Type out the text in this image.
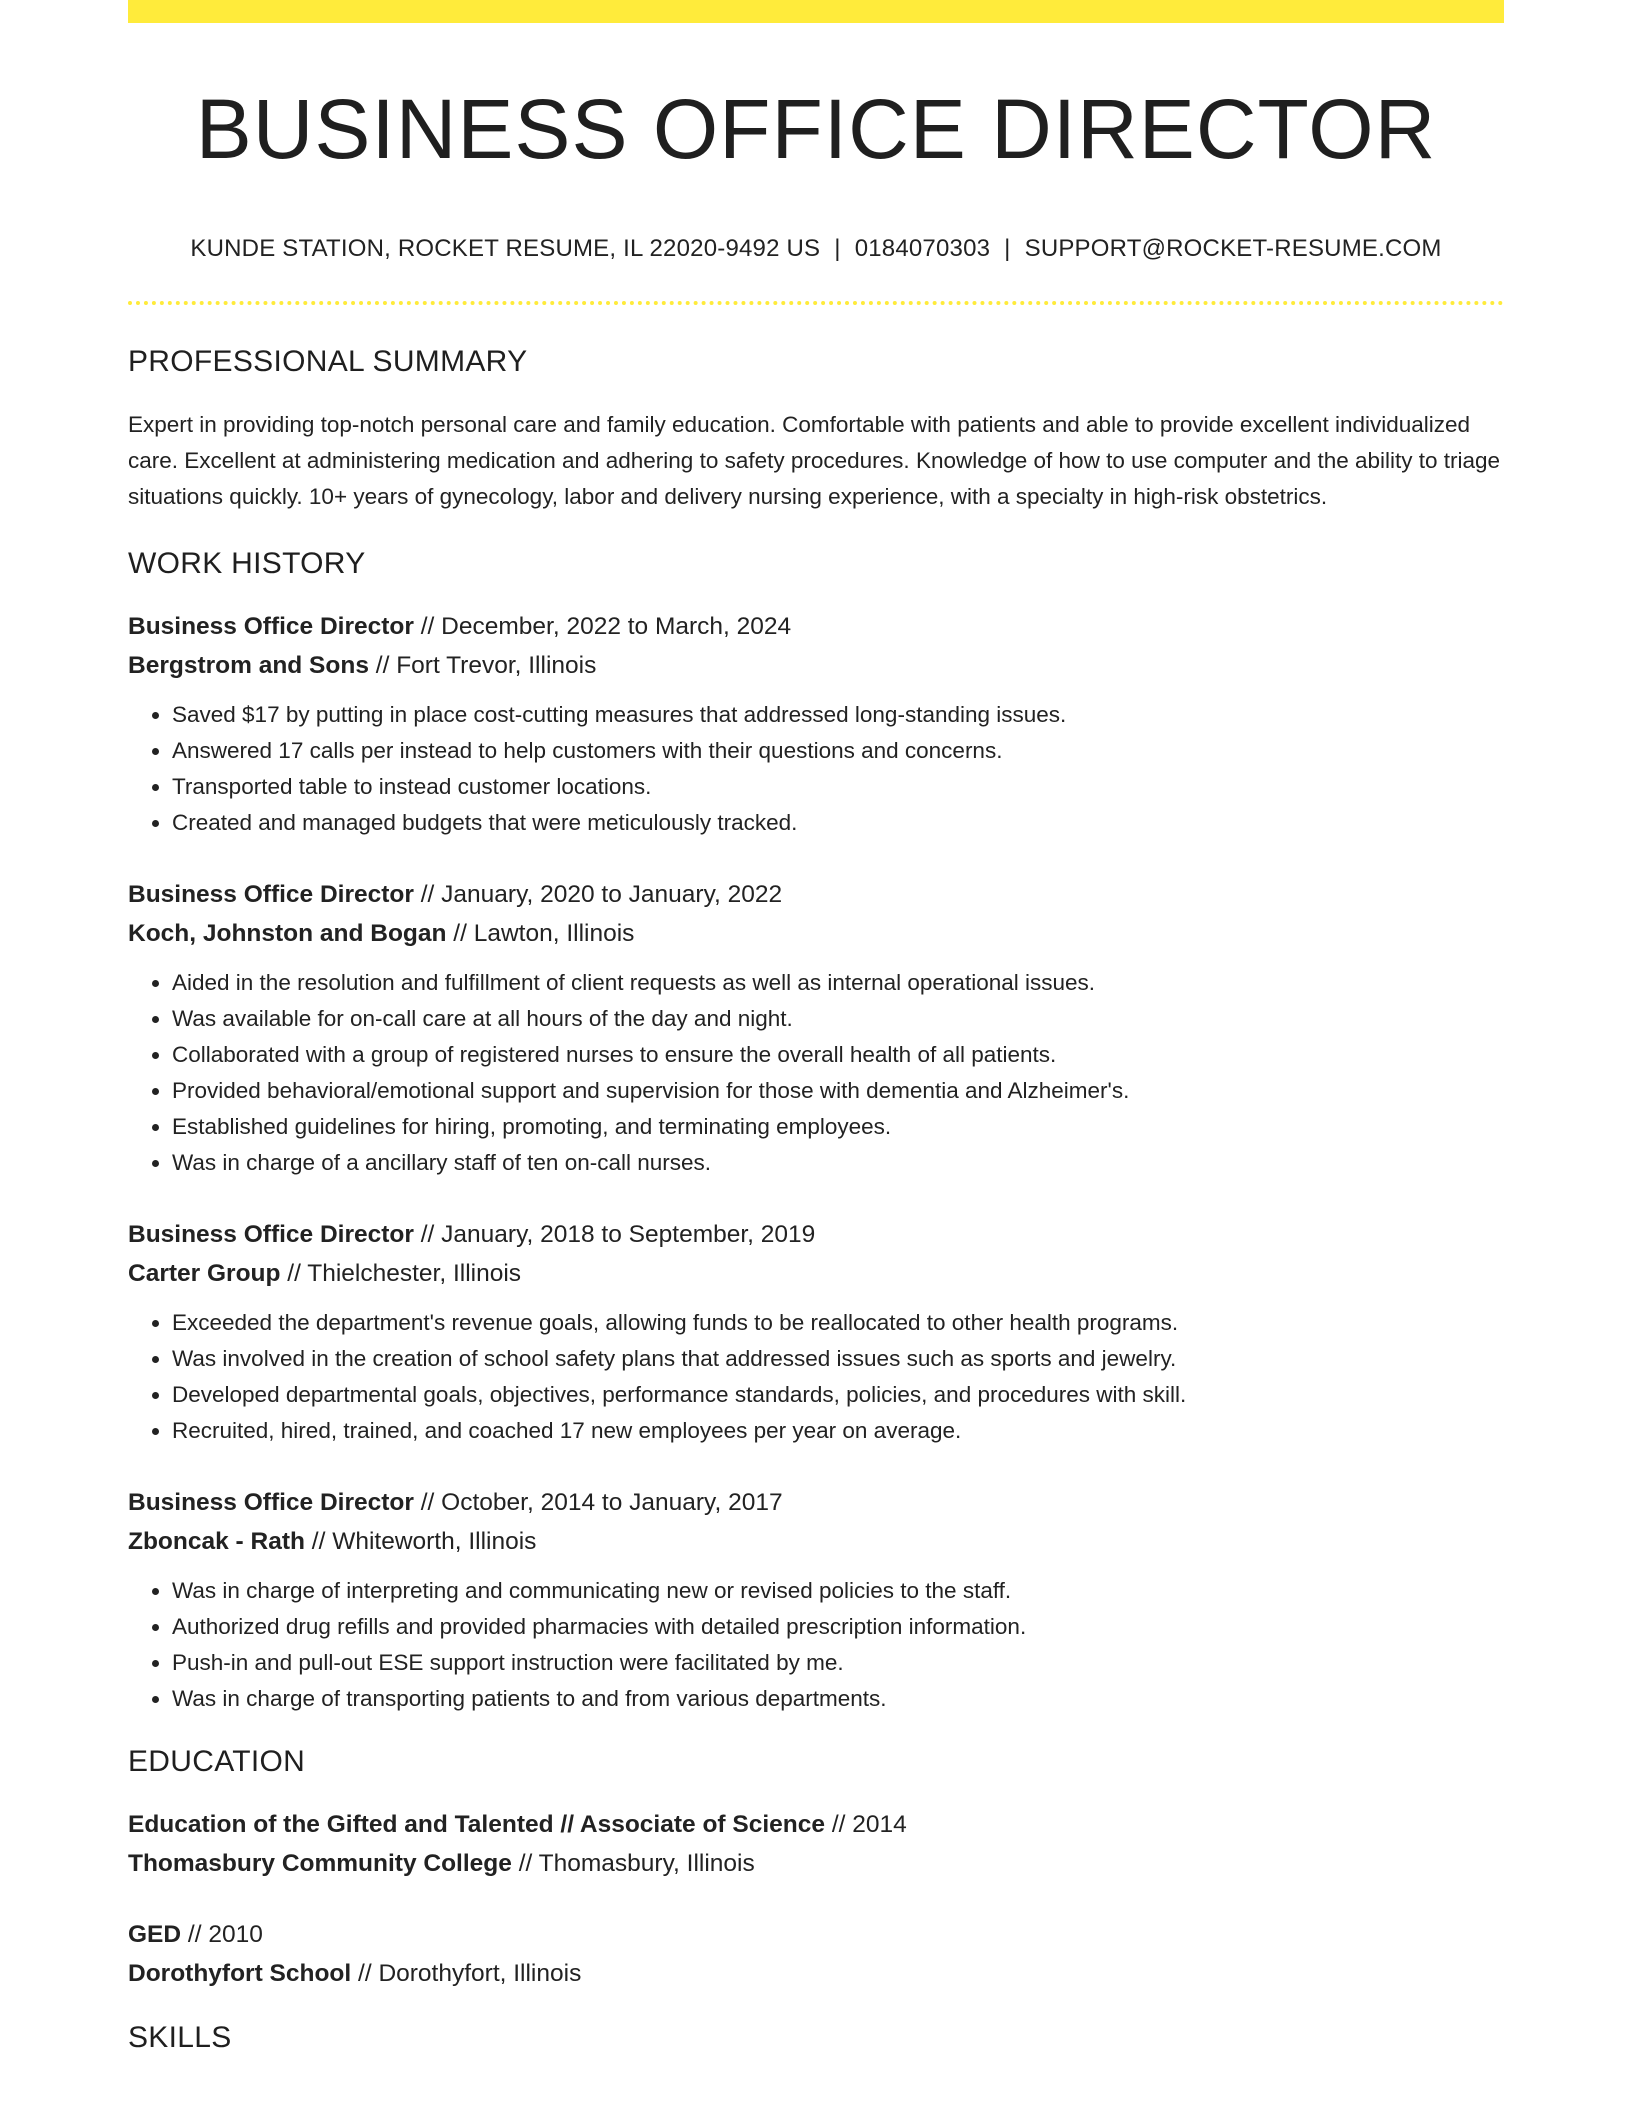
BUSINESS OFFICE DIRECTOR
KUNDE STATION, ROCKET RESUME, IL 22020-9492 US | 0184070303 | SUPPORT@ROCKET-RESUME.COM
PROFESSIONAL SUMMARY
Expert in providing top-notch personal care and family education. Comfortable with patients and able to provide excellent individualized care. Excellent at administering medication and adhering to safety procedures. Knowledge of how to use computer and the ability to triage situations quickly. 10+ years of gynecology, labor and delivery nursing experience, with a specialty in high-risk obstetrics.
WORK HISTORY
Business Office Director // December, 2022 to March, 2024
Bergstrom and Sons // Fort Trevor, Illinois
• Saved $17 by putting in place cost-cutting measures that addressed long-standing issues.
• Answered 17 calls per instead to help customers with their questions and concerns.
• Transported table to instead customer locations.
• Created and managed budgets that were meticulously tracked.
Business Office Director // January, 2020 to January, 2022
Koch, Johnston and Bogan // Lawton, Illinois
• Aided in the resolution and fulfillment of client requests as well as internal operational issues.
• Was available for on-call care at all hours of the day and night.
• Collaborated with a group of registered nurses to ensure the overall health of all patients.
• Provided behavioral/emotional support and supervision for those with dementia and Alzheimer's.
• Established guidelines for hiring, promoting, and terminating employees.
• Was in charge of a ancillary staff of ten on-call nurses.
Business Office Director // January, 2018 to September, 2019
Carter Group // Thielchester, Illinois
• Exceeded the department's revenue goals, allowing funds to be reallocated to other health programs.
• Was involved in the creation of school safety plans that addressed issues such as sports and jewelry.
• Developed departmental goals, objectives, performance standards, policies, and procedures with skill.
• Recruited, hired, trained, and coached 17 new employees per year on average.
Business Office Director // October, 2014 to January, 2017
Zboncak - Rath // Whiteworth, Illinois
• Was in charge of interpreting and communicating new or revised policies to the staff.
• Authorized drug refills and provided pharmacies with detailed prescription information.
• Push-in and pull-out ESE support instruction were facilitated by me.
• Was in charge of transporting patients to and from various departments.
EDUCATION
Education of the Gifted and Talented // Associate of Science // 2014
Thomasbury Community College // Thomasbury, Illinois
GED // 2010
Dorothyfort School // Dorothyfort, Illinois
SKILLS
